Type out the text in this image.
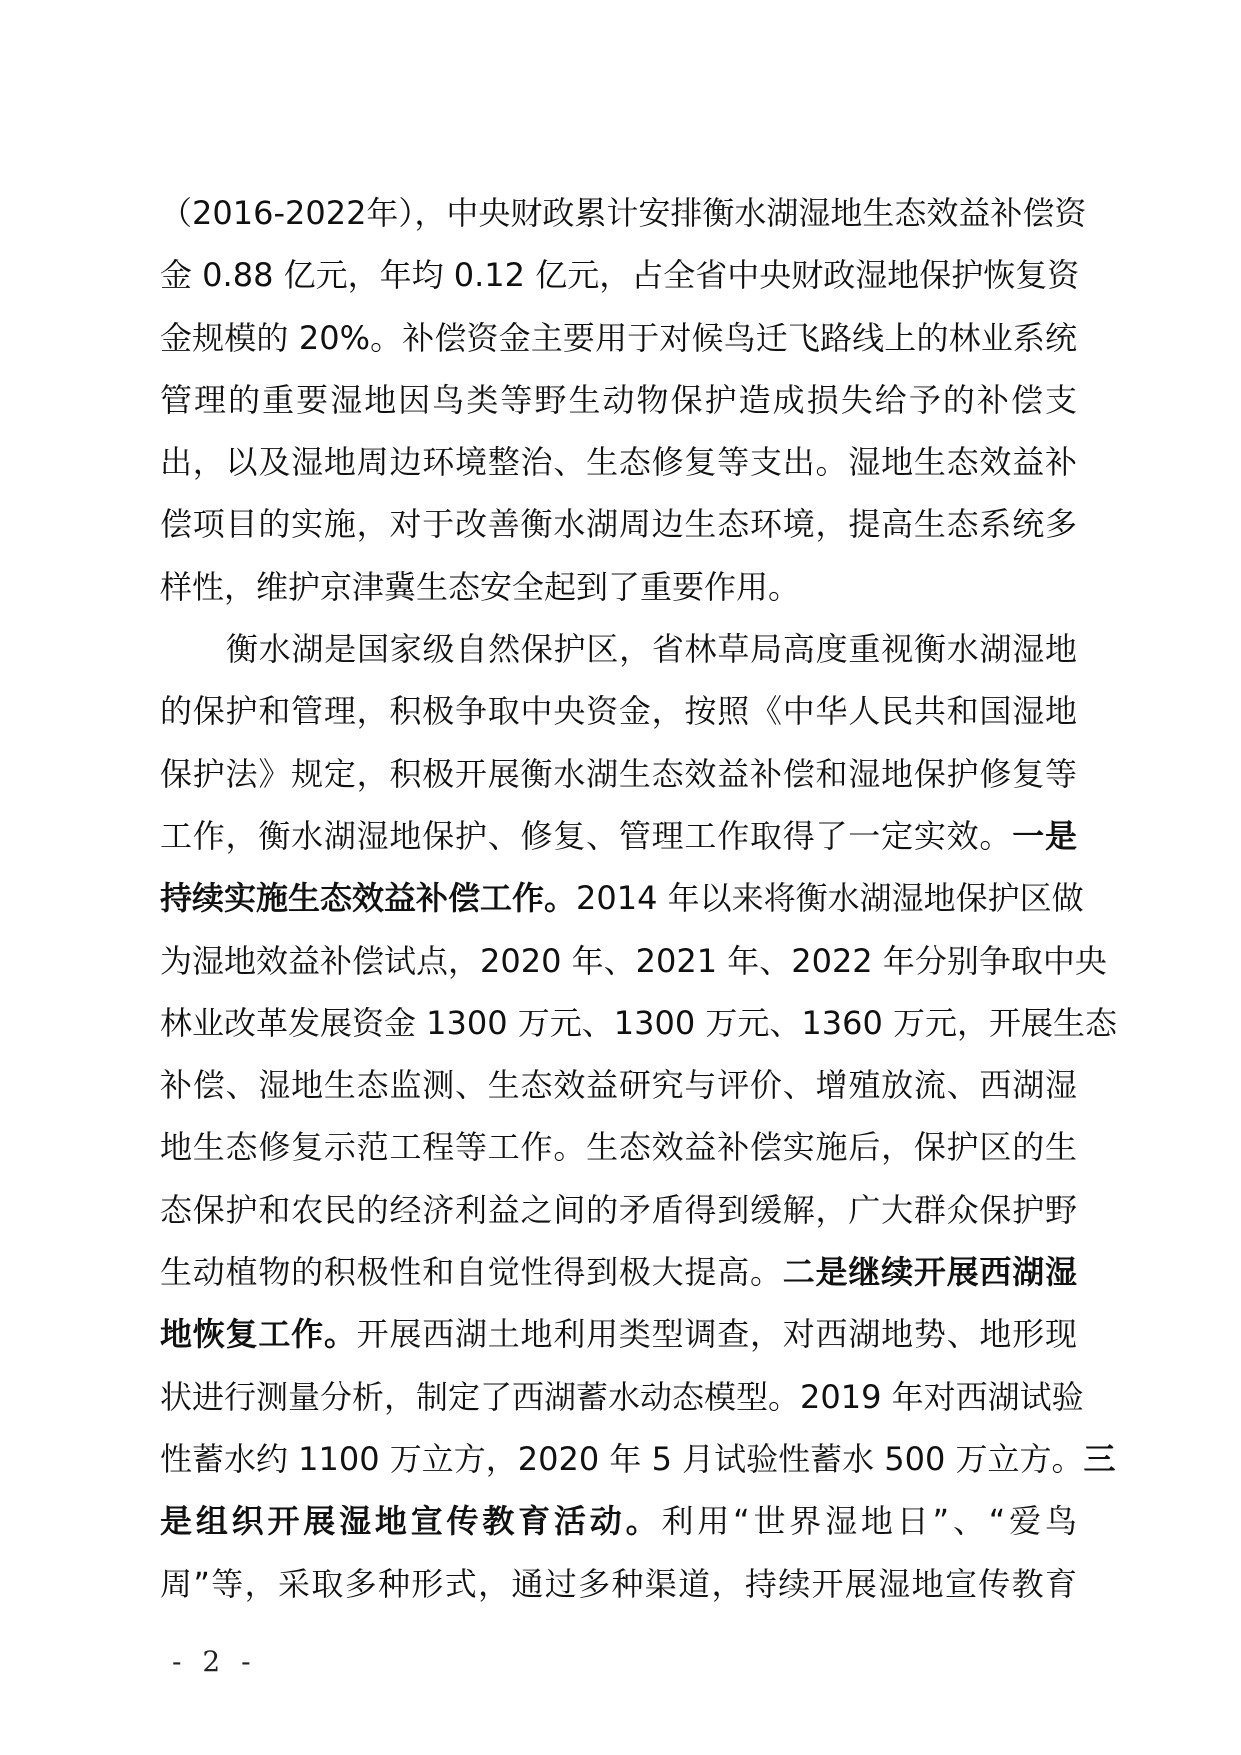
（2016-2022年），中央财政累计安排衡水湖湿地生态效益补偿资
金 0.88 亿元，年均 0.12 亿元，占全省中央财政湿地保护恢复资
金规模的 20%。补偿资金主要用于对候鸟迁飞路线上的林业系统
管理的重要湿地因鸟类等野生动物保护造成损失给予的补偿支
出，以及湿地周边环境整治、生态修复等支出。湿地生态效益补
偿项目的实施，对于改善衡水湖周边生态环境，提高生态系统多
样性，维护京津冀生态安全起到了重要作用。
衡水湖是国家级自然保护区，省林草局高度重视衡水湖湿地
的保护和管理，积极争取中央资金，按照《中华人民共和国湿地
保护法》规定，积极开展衡水湖生态效益补偿和湿地保护修复等
工作，衡水湖湿地保护、修复、管理工作取得了一定实效。一是
持续实施生态效益补偿工作。2014 年以来将衡水湖湿地保护区做
为湿地效益补偿试点，2020 年、2021 年、2022 年分别争取中央
林业改革发展资金 1300 万元、1300 万元、1360 万元，开展生态
补偿、湿地生态监测、生态效益研究与评价、增殖放流、西湖湿
地生态修复示范工程等工作。生态效益补偿实施后，保护区的生
态保护和农民的经济利益之间的矛盾得到缓解，广大群众保护野
生动植物的积极性和自觉性得到极大提高。二是继续开展西湖湿
地恢复工作。开展西湖土地利用类型调查，对西湖地势、地形现
状进行测量分析，制定了西湖蓄水动态模型。2019 年对西湖试验
性蓄水约 1100 万立方，2020 年 5 月试验性蓄水 500 万立方。三
是组织开展湿地宣传教育活动。利用“世界湿地日”、“爱鸟
周”等，采取多种形式，通过多种渠道，持续开展湿地宣传教育
- 2 -
